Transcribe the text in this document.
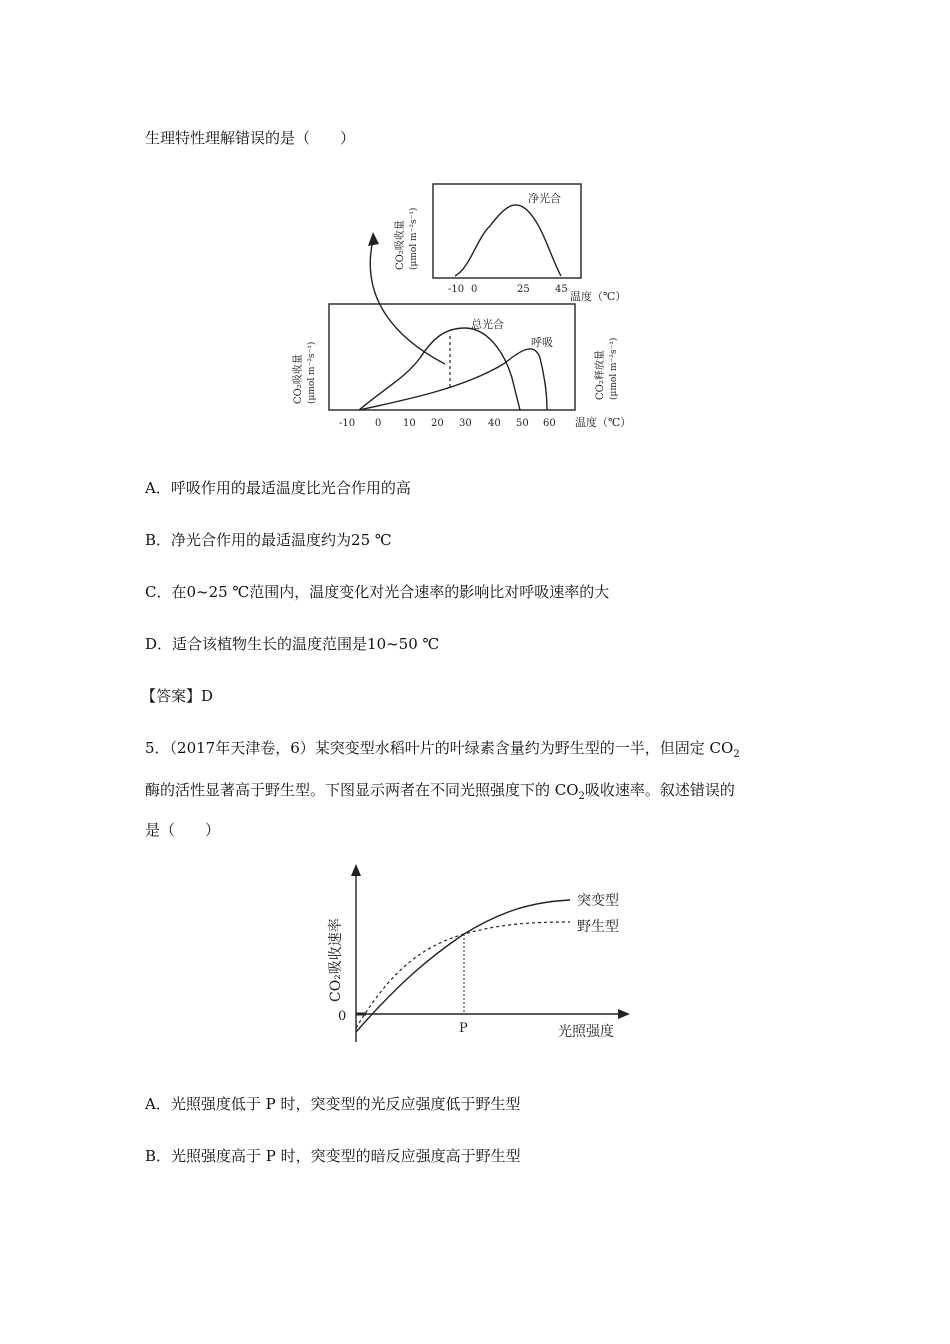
生理特性理解错误的是（　　）
净光合
CO₂吸收量 (μmol m⁻²s⁻¹)
-10 0	25	45
温度（℃）
总光合
呼吸
CO₂吸收量 (μmol m⁻²s⁻¹)	CO₂释放量 (μmol m⁻²s⁻¹)
-10 0 10 20 30 40 50 60 温度（℃）
A．呼吸作用的最适温度比光合作用的高
B．净光合作用的最适温度约为25 ℃
C．在0~25 ℃范围内，温度变化对光合速率的影响比对呼吸速率的大
D．适合该植物生长的温度范围是10~50 ℃
【答案】D
5．（2017年天津卷，6）某突变型水稻叶片的叶绿素含量约为野生型的一半，但固定 $CO_2$
酶的活性显著高于野生型。下图显示两者在不同光照强度下的 $CO_2$吸收速率。叙述错误的
是（　　）
CO₂吸收速率
0
P	光照强度
突变型
野生型
A．光照强度低于 P 时，突变型的光反应强度低于野生型
B．光照强度高于 P 时，突变型的暗反应强度高于野生型
